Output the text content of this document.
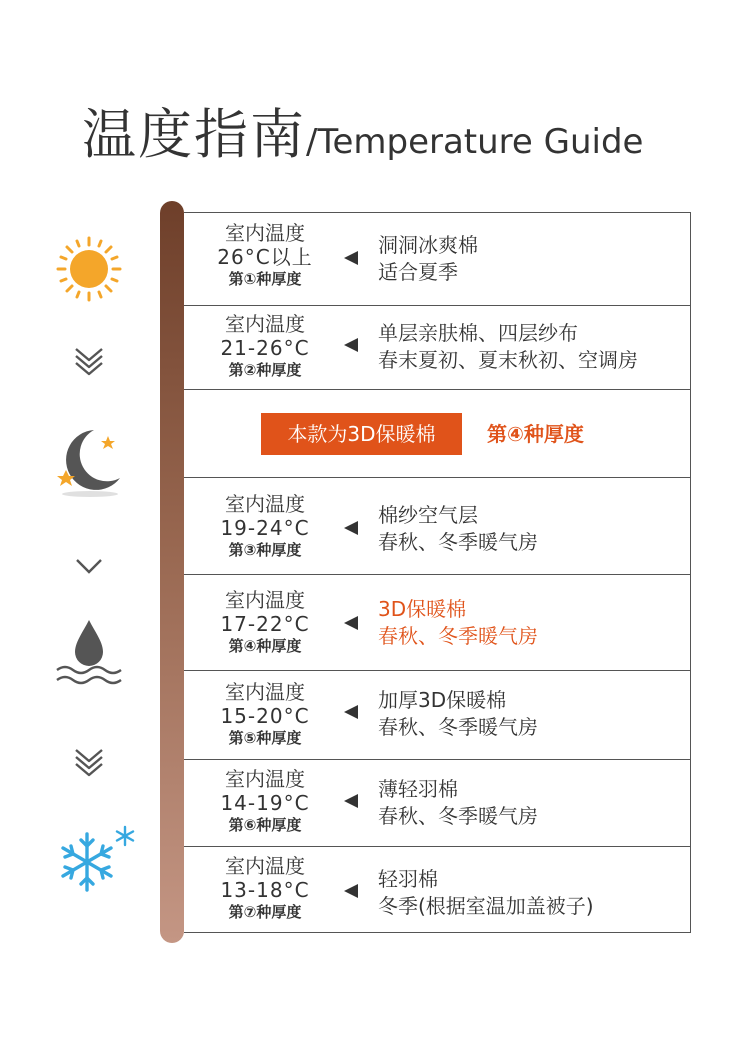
温度指南/Temperature Guide
室内温度
26°C以上
第①种厚度
洞洞冰爽棉
适合夏季
室内温度
21-26°C
第②种厚度
单层亲肤棉、四层纱布
春末夏初、夏末秋初、空调房
本款为3D保暖棉	第④种厚度
室内温度
19-24°C
第③种厚度
棉纱空气层
春秋、冬季暖气房
室内温度
17-22°C
第④种厚度
3D保暖棉
春秋、冬季暖气房
室内温度
15-20°C
第⑤种厚度
加厚3D保暖棉
春秋、冬季暖气房
室内温度
14-19°C
第⑥种厚度
薄轻羽棉
春秋、冬季暖气房
室内温度
13-18°C
第⑦种厚度
轻羽棉
冬季(根据室温加盖被子)
